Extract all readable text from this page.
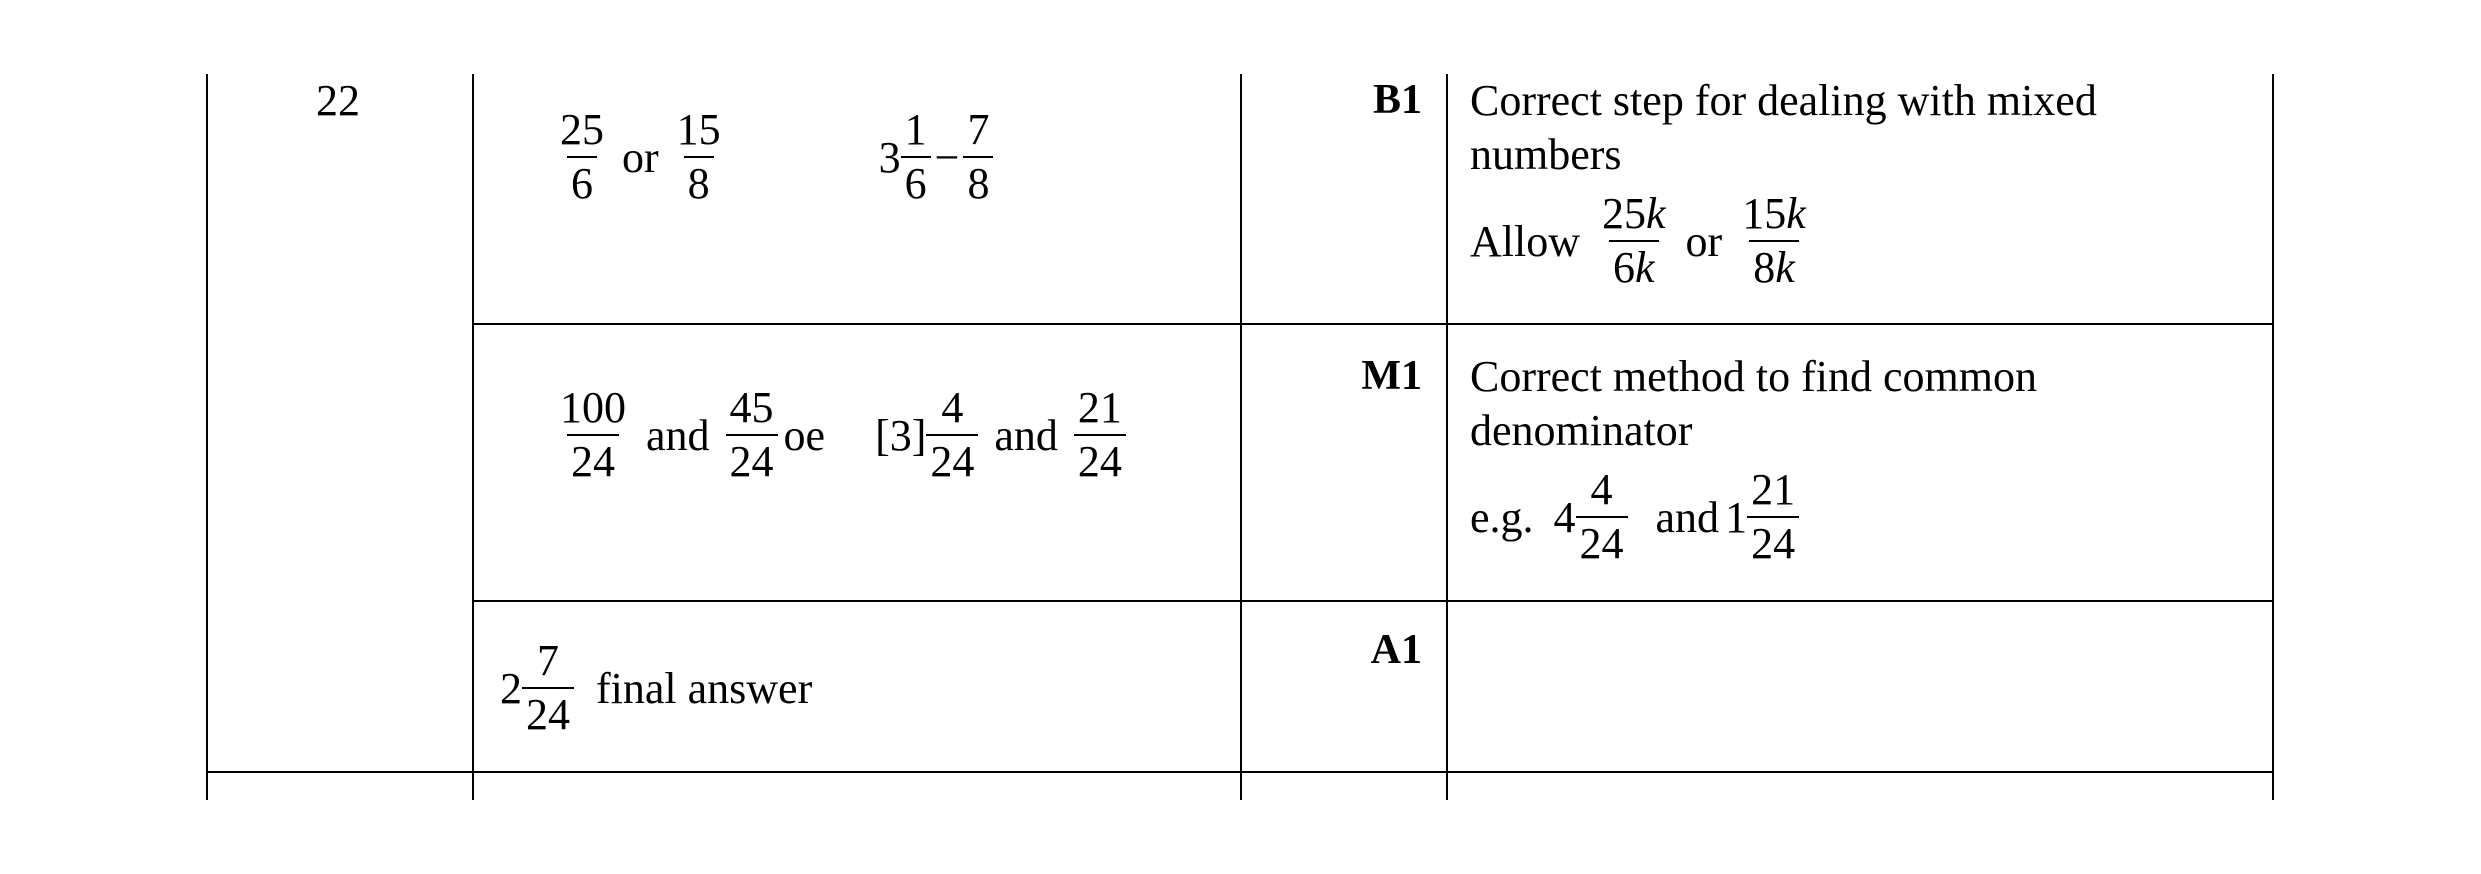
22
$\frac{25}{6}$ or $\frac{15}{8}$	$3 \frac{1}{6} - \frac{7}{8}$
B1 Correct step for dealing with mixed
numbers
Allow $\frac{25k}{6k}$ or $\frac{15k}{8k}$
$\frac{100}{24}$ and $\frac{45}{24}$ oe $[3] \frac{4}{24}$ and $\frac{21}{24}$
M1 Correct method to find common
denominator
e.g. $4 \frac{4}{24}$ and $1 \frac{21}{24}$
$2 \frac{7}{24}$ final answer
A1
